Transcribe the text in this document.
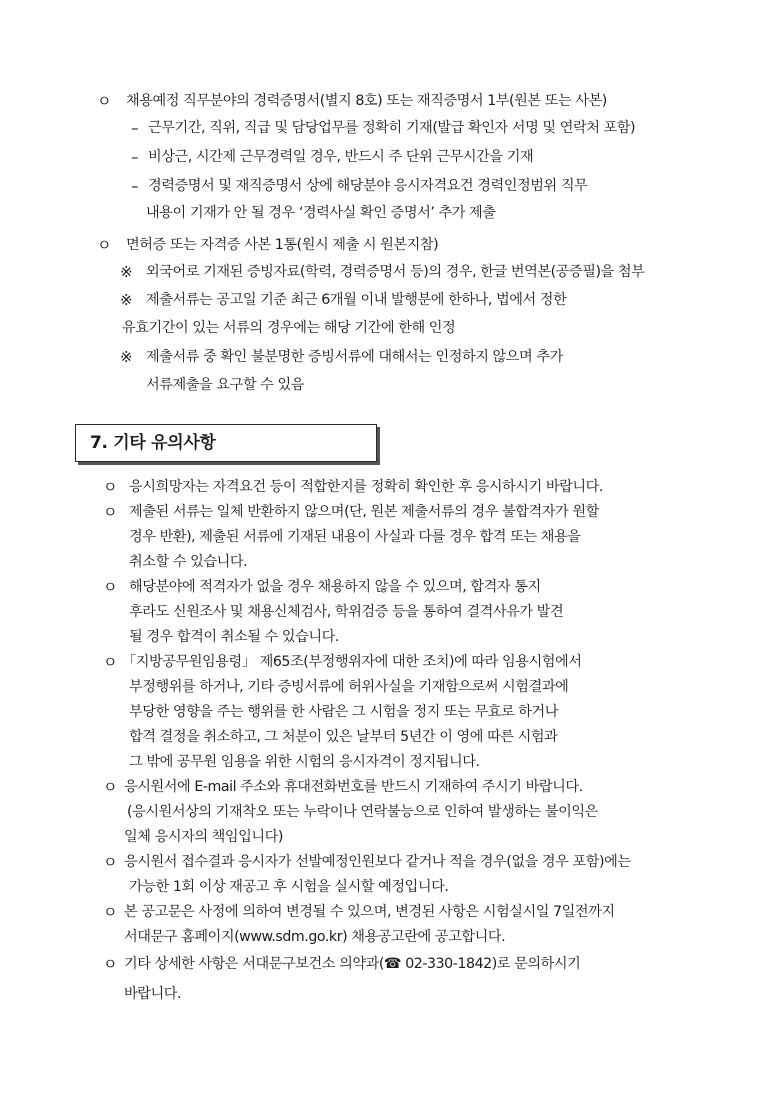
ㅇ 채용예정 직무분야의 경력증명서(별지 8호) 또는 재직증명서 1부(원본 또는 사본)
– 근무기간, 직위, 직급 및 담당업무를 정확히 기재(발급 확인자 서명 및 연락처 포함)
– 비상근, 시간제 근무경력일 경우, 반드시 주 단위 근무시간을 기재
– 경력증명서 및 재직증명서 상에 해당분야 응시자격요건 경력인정범위 직무
내용이 기재가 안 될 경우 ‘경력사실 확인 증명서’ 추가 제출
ㅇ 면허증 또는 자격증 사본 1통(원시 제출 시 원본지참)
※ 외국어로 기재된 증빙자료(학력, 경력증명서 등)의 경우, 한글 번역본(공증필)을 첨부
※ 제출서류는 공고일 기준 최근 6개월 이내 발행분에 한하나, 법에서 정한
유효기간이 있는 서류의 경우에는 해당 기간에 한해 인정
※ 제출서류 중 확인 불분명한 증빙서류에 대해서는 인정하지 않으며 추가
서류제출을 요구할 수 있음
7. 기타 유의사항
ㅇ 응시희망자는 자격요건 등이 적합한지를 정확히 확인한 후 응시하시기 바랍니다.
ㅇ 제출된 서류는 일체 반환하지 않으며(단, 원본 제출서류의 경우 불합격자가 원할
경우 반환), 제출된 서류에 기재된 내용이 사실과 다를 경우 합격 또는 채용을
취소할 수 있습니다.
ㅇ 해당분야에 적격자가 없을 경우 채용하지 않을 수 있으며, 합격자 통지
후라도 신원조사 및 채용신체검사, 학위검증 등을 통하여 결격사유가 발견
될 경우 합격이 취소될 수 있습니다.
ㅇ 「지방공무원임용령」 제65조(부정행위자에 대한 조치)에 따라 임용시험에서
부정행위를 하거나, 기타 증빙서류에 허위사실을 기재함으로써 시험결과에
부당한 영향을 주는 행위를 한 사람은 그 시험을 정지 또는 무효로 하거나
합격 결정을 취소하고, 그 처분이 있은 날부터 5년간 이 영에 따른 시험과
그 밖에 공무원 임용을 위한 시험의 응시자격이 정지됩니다.
ㅇ 응시원서에 E-mail 주소와 휴대전화번호를 반드시 기재하여 주시기 바랍니다.
(응시원서상의 기재착오 또는 누락이나 연락불능으로 인하여 발생하는 불이익은
일체 응시자의 책임입니다)
ㅇ 응시원서 접수결과 응시자가 선발예정인원보다 같거나 적을 경우(없을 경우 포함)에는
가능한 1회 이상 재공고 후 시험을 실시할 예정입니다.
ㅇ 본 공고문은 사정에 의하여 변경될 수 있으며, 변경된 사항은 시험실시일 7일전까지
서대문구 홈페이지(www.sdm.go.kr) 채용공고란에 공고합니다.
ㅇ 기타 상세한 사항은 서대문구보건소 의약과(☎ 02-330-1842)로 문의하시기
바랍니다.
